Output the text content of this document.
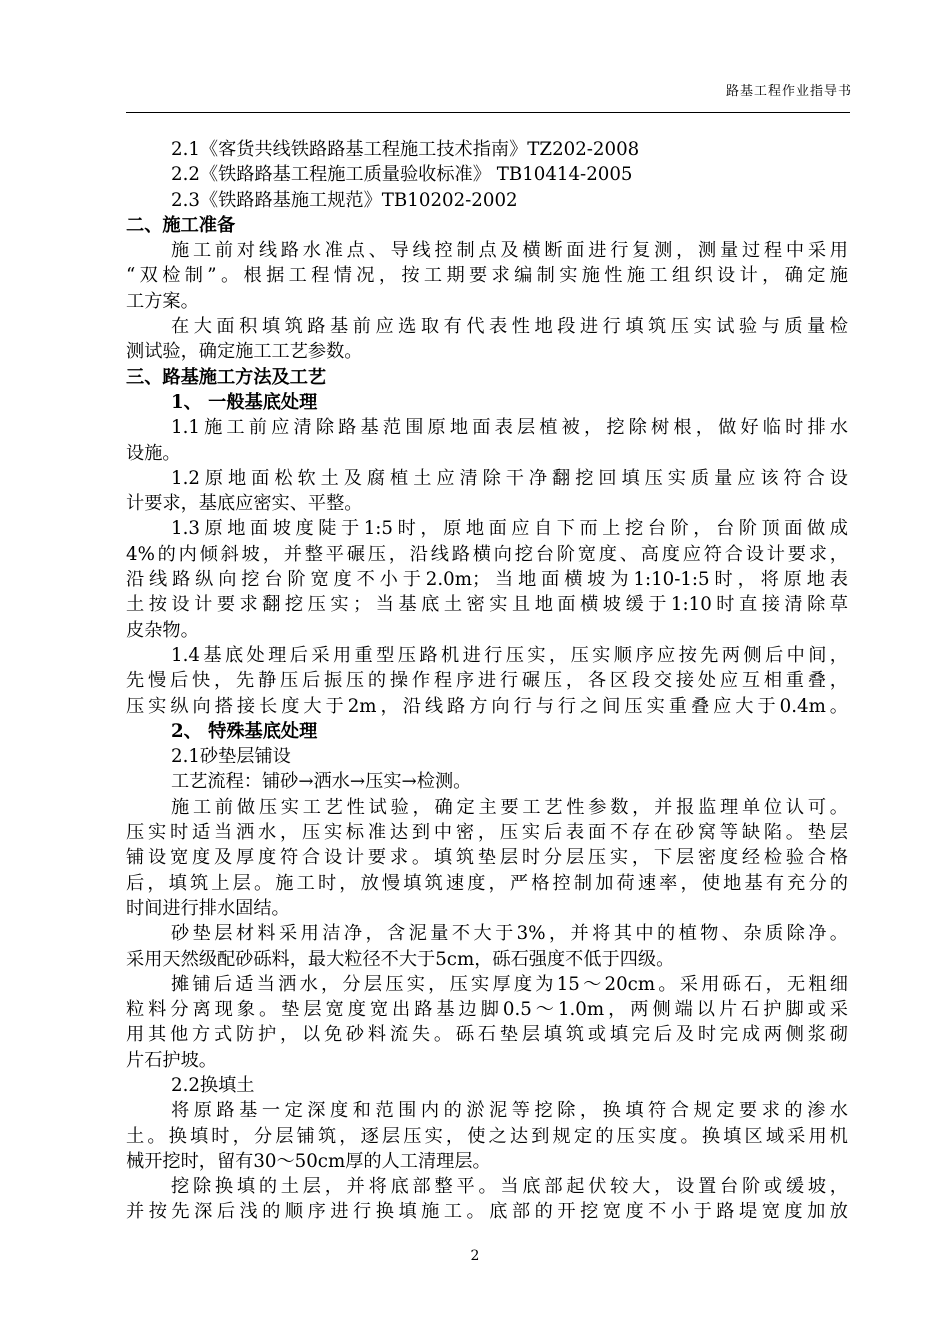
路基工程作业指导书
2.1《客货共线铁路路基工程施工技术指南》TZ202-2008
2.2《铁路路基工程施工质量验收标准》 TB10414-2005
2.3《铁路路基施工规范》TB10202-2002
二、施工准备
施工前对线路水准点、导线控制点及横断面进行复测，测量过程中采用
“双检制”。根据工程情况，按工期要求编制实施性施工组织设计，确定施
工方案。
在大面积填筑路基前应选取有代表性地段进行填筑压实试验与质量检
测试验，确定施工工艺参数。
三、路基施工方法及工艺
1、 一般基底处理
1.1施工前应清除路基范围原地面表层植被，挖除树根，做好临时排水
设施。
1.2原地面松软土及腐植土应清除干净翻挖回填压实质量应该符合设
计要求，基底应密实、平整。
1.3原地面坡度陡于1:5时，原地面应自下而上挖台阶，台阶顶面做成
4%的内倾斜坡，并整平碾压，沿线路横向挖台阶宽度、高度应符合设计要求，
沿线路纵向挖台阶宽度不小于2.0m；当地面横坡为1:10-1:5时，将原地表
土按设计要求翻挖压实；当基底土密实且地面横坡缓于1:10时直接清除草
皮杂物。
1.4基底处理后采用重型压路机进行压实，压实顺序应按先两侧后中间，
先慢后快，先静压后振压的操作程序进行碾压，各区段交接处应互相重叠，
压实纵向搭接长度大于2m，沿线路方向行与行之间压实重叠应大于0.4m。
2、 特殊基底处理
2.1砂垫层铺设
工艺流程：铺砂→洒水→压实→检测。
施工前做压实工艺性试验，确定主要工艺性参数，并报监理单位认可。
压实时适当洒水，压实标准达到中密，压实后表面不存在砂窝等缺陷。垫层
铺设宽度及厚度符合设计要求。填筑垫层时分层压实，下层密度经检验合格
后，填筑上层。施工时，放慢填筑速度，严格控制加荷速率，使地基有充分的
时间进行排水固结。
砂垫层材料采用洁净，含泥量不大于3%，并将其中的植物、杂质除净。
采用天然级配砂砾料，最大粒径不大于5cm，砾石强度不低于四级。
摊铺后适当洒水，分层压实，压实厚度为15～20cm。采用砾石，无粗细
粒料分离现象。垫层宽度宽出路基边脚0.5～1.0m，两侧端以片石护脚或采
用其他方式防护，以免砂料流失。砾石垫层填筑或填完后及时完成两侧浆砌
片石护坡。
2.2换填土
将原路基一定深度和范围内的淤泥等挖除，换填符合规定要求的渗水
土。换填时，分层铺筑，逐层压实，使之达到规定的压实度。换填区域采用机
械开挖时，留有30～50cm厚的人工清理层。
挖除换填的土层，并将底部整平。当底部起伏较大，设置台阶或缓坡，
并按先深后浅的顺序进行换填施工。底部的开挖宽度不小于路堤宽度加放
2
